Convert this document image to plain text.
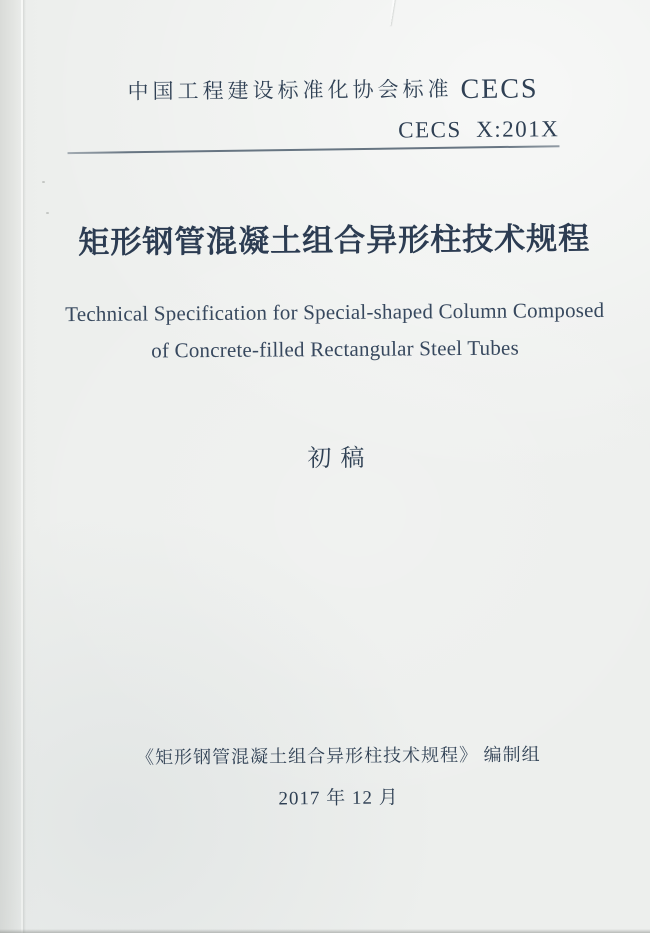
中国工程建设标准化协会标准 CECS
CECS  X:201X
矩形钢管混凝土组合异形柱技术规程
Technical Specification for Special-shaped Column Composed
of Concrete-filled Rectangular Steel Tubes
初稿
《矩形钢管混凝土组合异形柱技术规程》 编制组
2017 年 12 月
